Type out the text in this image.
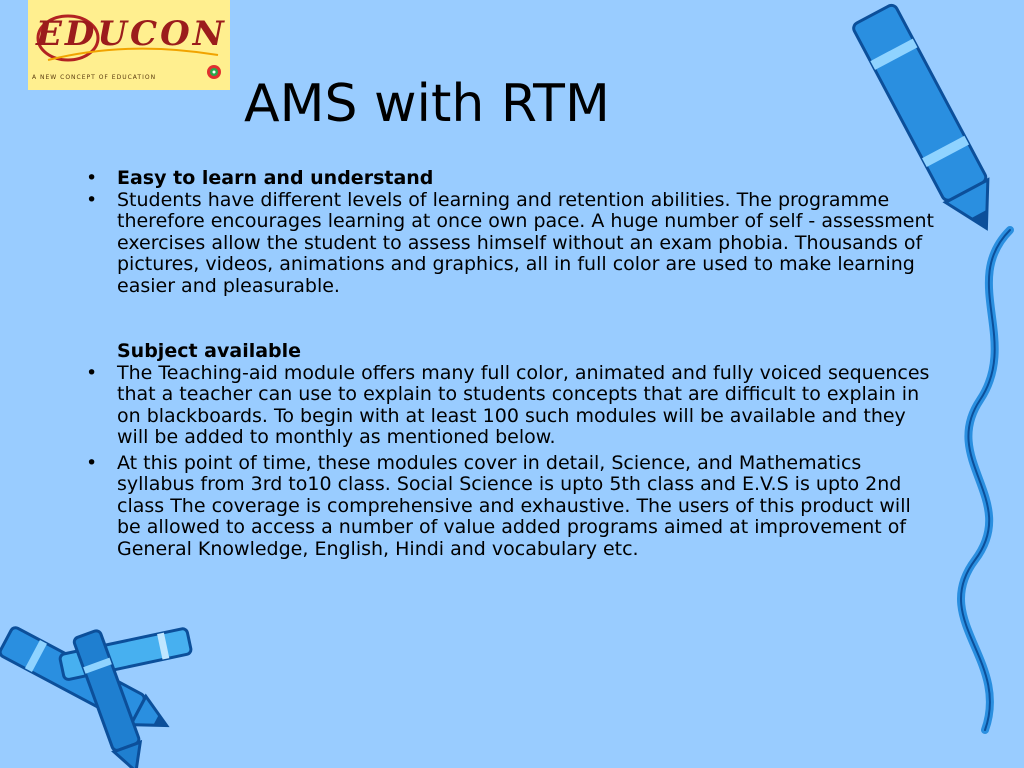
EDUCON
A NEW CONCEPT OF EDUCATION	AMS with RTM
•	Easy to learn and understand
•	Students have different levels of learning and retention abilities. The programme therefore encourages learning at once own pace. A huge number of self - assessment exercises allow the student to assess himself without an exam phobia. Thousands of pictures, videos, animations and graphics, all in full color are used to make learning easier and pleasurable.
Subject available
•	The Teaching-aid module offers many full color, animated and fully voiced sequences that a teacher can use to explain to students concepts that are difficult to explain in on blackboards. To begin with at least 100 such modules will be available and they will be added to monthly as mentioned below.
•	At this point of time, these modules cover in detail, Science, and Mathematics syllabus from 3rd to10 class. Social Science is upto 5th class and E.V.S is upto 2nd class The coverage is comprehensive and exhaustive. The users of this product will be allowed to access a number of value added programs aimed at improvement of General Knowledge, English, Hindi and vocabulary etc.
